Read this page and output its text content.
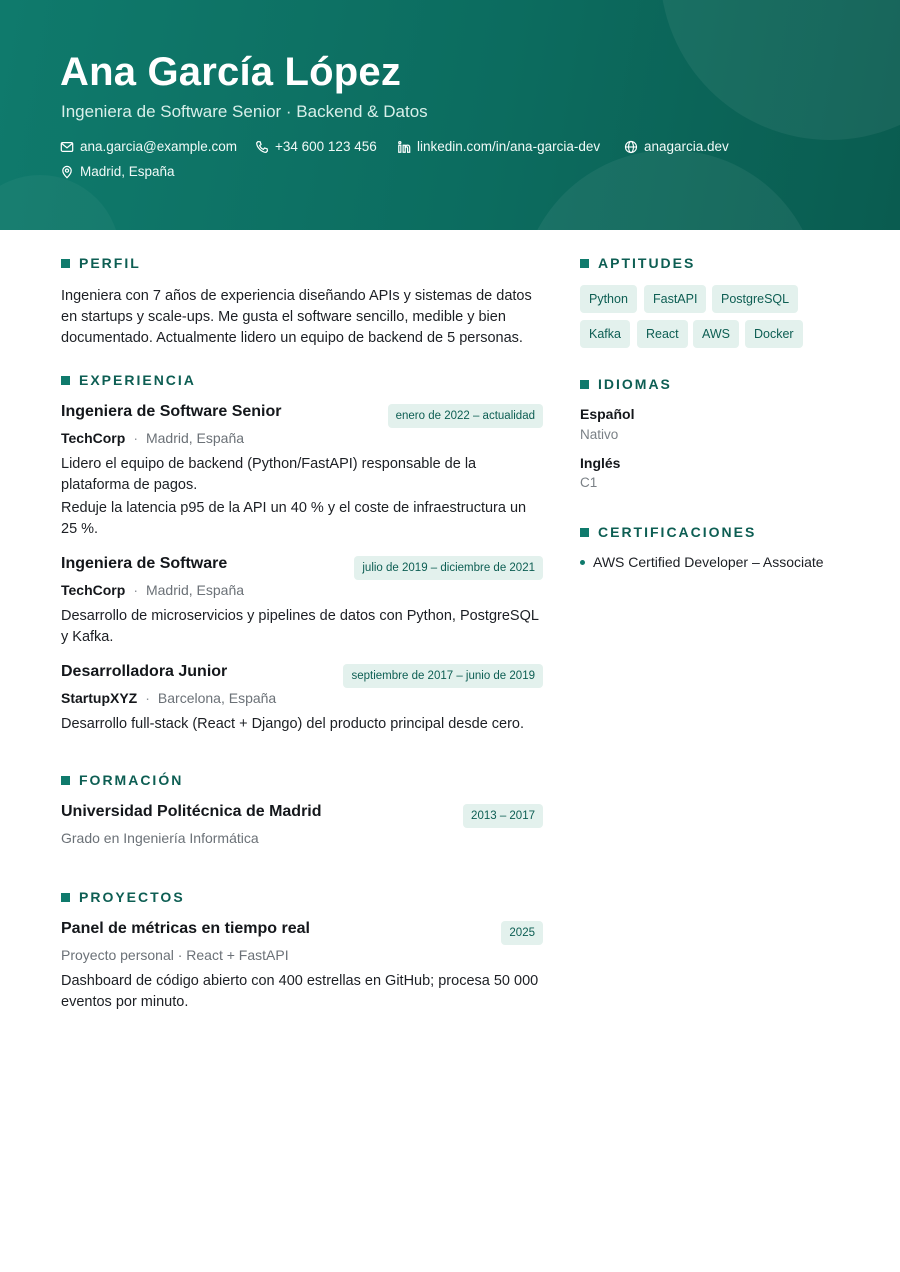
Ana García López
Ingeniera de Software Senior · Backend & Datos
ana.garcia@example.com	+34 600 123 456	linkedin.com/in/ana-garcia-dev	anagarcia.dev
Madrid, España
PERFIL
Ingeniera con 7 años de experiencia diseñando APIs y sistemas de datos en startups y scale-ups. Me gusta el software sencillo, medible y bien documentado. Actualmente lidero un equipo de backend de 5 personas.
EXPERIENCIA
Ingeniera de Software Senior	enero de 2022 – actualidad
TechCorp · Madrid, España
Lidero el equipo de backend (Python/FastAPI) responsable de la plataforma de pagos.
Reduje la latencia p95 de la API un 40 % y el coste de infraestructura un 25 %.
Ingeniera de Software	julio de 2019 – diciembre de 2021
TechCorp · Madrid, España
Desarrollo de microservicios y pipelines de datos con Python, PostgreSQL y Kafka.
Desarrolladora Junior	septiembre de 2017 – junio de 2019
StartupXYZ · Barcelona, España
Desarrollo full-stack (React + Django) del producto principal desde cero.
FORMACIÓN
Universidad Politécnica de Madrid	2013 – 2017
Grado en Ingeniería Informática
PROYECTOS
Panel de métricas en tiempo real	2025
Proyecto personal · React + FastAPI
Dashboard de código abierto con 400 estrellas en GitHub; procesa 50 000 eventos por minuto.
APTITUDES
Python	FastAPI	PostgreSQL
Kafka	React	AWS	Docker
IDIOMAS
Español
Nativo
Inglés
C1
CERTIFICACIONES
AWS Certified Developer – Associate
